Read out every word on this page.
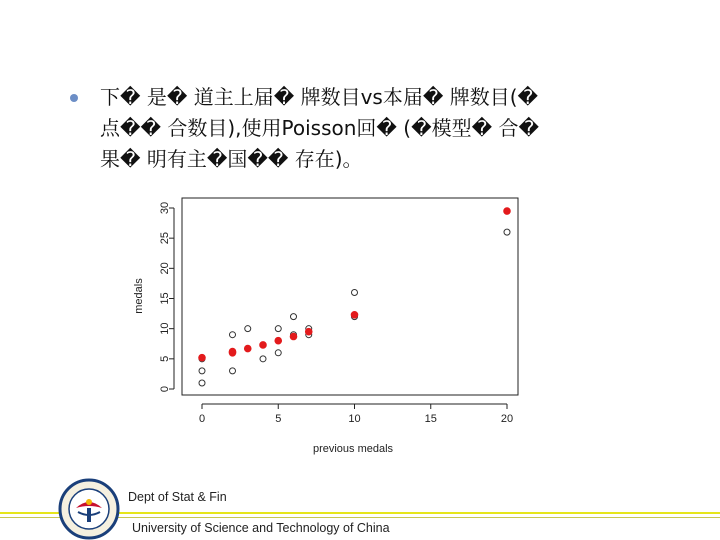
下� 是� 道主上届� 牌数目vs本届� 牌数目(�
点�� 合数目),使用Poisson回� (�模型� 合�
果� 明有主�国�� 存在)。
0	5	10	15	20
0
5
10
15
20
25
30
previous medals
medals
Dept of Stat & Fin
University of Science and Technology of China
